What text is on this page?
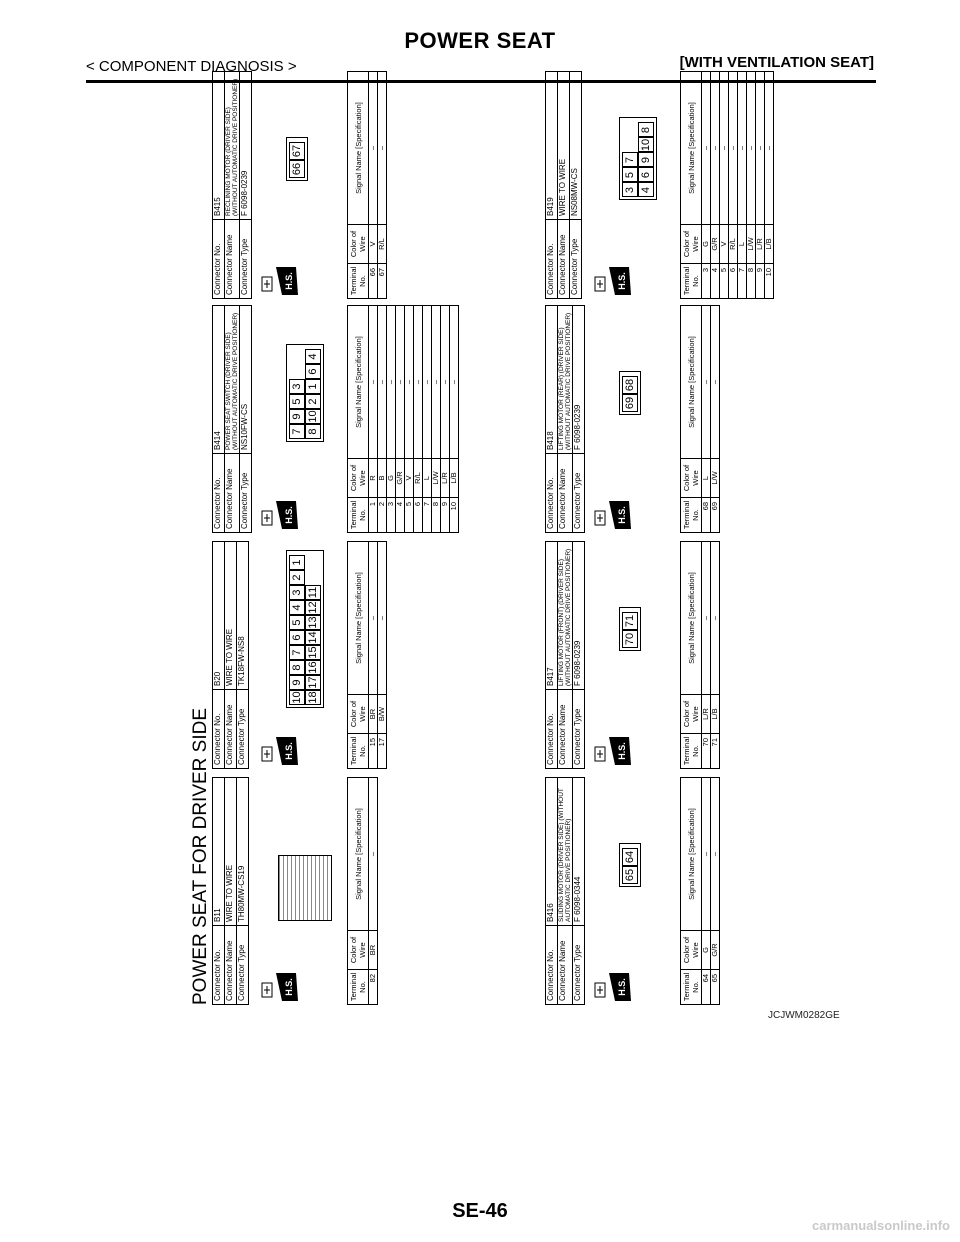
POWER SEAT
< COMPONENT DIAGNOSIS >	[WITH VENTILATION SEAT]
JCJWM0282GE
SE-46
carmanualsonline.info
POWER SEAT FOR DRIVER SIDE Connector No.	B11
Connector Name	WIRE TO WIRE
Connector Type	TH80MW-CS19
H.S.	Terminal No.	Color of Wire	Signal Name [Specification]
82	BR	–
Connector No.	B20
Connector Name	WIRE TO WIRE
Connector Type	TK18FW-NS8
H.S.
10
9
8
7
6
5
4
3
2
1
18
17
16
15
14
13
12
11
Terminal No.	Color of Wire	Signal Name [Specification]
15	BR	–
17	B/W	–
Connector No.	B414
Connector Name	POWER SEAT SWITCH (DRIVER SIDE) (WITHOUT AUTOMATIC DRIVE POSITIONER)
Connector Type	NS10FW-CS
H.S.
7
9
5
3
8
10
2
1
6
4
Terminal No.	Color of Wire	Signal Name [Specification]
1	R	–
2	B	–
3	G	–
4	G/R	–
5	V	–
6	R/L	–
7	L	–
8	L/W	–
9	L/R	–
10	L/B	–
Connector No.	B415
Connector Name	RECLINING MOTOR (DRIVER SIDE) (WITHOUT AUTOMATIC DRIVE POSITIONER)
Connector Type	F 6098-0239
H.S.
66
67
Terminal No.	Color of Wire	Signal Name [Specification]
66	V	–
67	R/L	–
Connector No.	B416
Connector Name	SLIDING MOTOR (DRIVER SIDE) (WITHOUT AUTOMATIC DRIVE POSITIONER)
Connector Type	F 6098-0344
H.S.
65
64
Terminal No.	Color of Wire	Signal Name [Specification]
64	G	–
65	G/R	–
Connector No.	B417
Connector Name	LIFTING MOTOR (FRONT) (DRIVER SIDE) (WITHOUT AUTOMATIC DRIVE POSITIONER)
Connector Type	F 6098-0239
H.S.
70
71
Terminal No.	Color of Wire	Signal Name [Specification]
70	L/R	–
71	L/B	–
Connector No.	B418
Connector Name	LIFTING MOTOR (REAR) (DRIVER SIDE) (WITHOUT AUTOMATIC DRIVE POSITIONER)
Connector Type	F 6098-0239
H.S.
69
68
Terminal No.	Color of Wire	Signal Name [Specification]
68	L	–
69	L/W	–
Connector No.	B419
Connector Name	WIRE TO WIRE
Connector Type	NS08MW-CS
H.S.
3
5
7
4
6
9
10
8
Terminal No.	Color of Wire	Signal Name [Specification]
3	G	–
4	G/R	–
5	V	–
6	R/L	–
7	L	–
8	L/W	–
9	L/R	–
10	L/B	–
